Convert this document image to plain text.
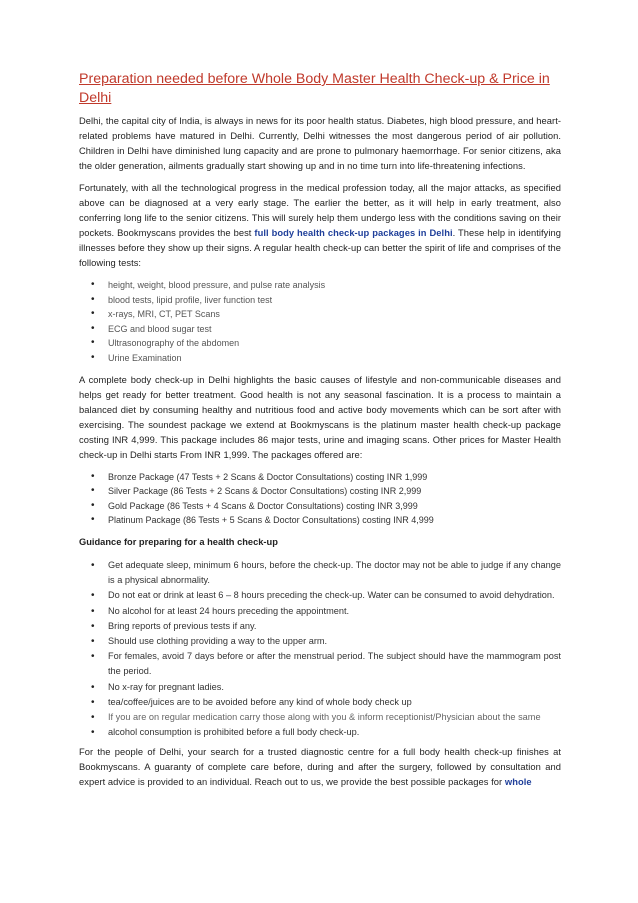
Preparation needed before Whole Body Master Health Check-up & Price in Delhi

Delhi, the capital city of India, is always in news for its poor health status. Diabetes, high blood pressure, and heart-related problems have matured in Delhi. Currently, Delhi witnesses the most dangerous period of air pollution. Children in Delhi have diminished lung capacity and are prone to pulmonary haemorrhage. For senior citizens, aka the older generation, ailments gradually start showing up and in no time turn into life-threatening infections.

Fortunately, with all the technological progress in the medical profession today, all the major attacks, as specified above can be diagnosed at a very early stage. The earlier the better, as it will help in early treatment, also conferring long life to the senior citizens. This will surely help them undergo less with the conditions saving on their pockets. Bookmyscans provides the best full body health check-up packages in Delhi. These help in identifying illnesses before they show up their signs. A regular health check-up can better the spirit of life and comprises of the following tests:

• height, weight, blood pressure, and pulse rate analysis
• blood tests, lipid profile, liver function test
• x-rays, MRI, CT, PET Scans
• ECG and blood sugar test
• Ultrasonography of the abdomen
• Urine Examination

A complete body check-up in Delhi highlights the basic causes of lifestyle and non-communicable diseases and helps get ready for better treatment. Good health is not any seasonal fascination. It is a process to maintain a balanced diet by consuming healthy and nutritious food and active body movements which can be sort after with exercising. The soundest package we extend at Bookmyscans is the platinum master health check-up package costing INR 4,999. This package includes 86 major tests, urine and imaging scans. Other prices for Master Health check-up in Delhi starts From INR 1,999. The packages offered are:

• Bronze Package (47 Tests + 2 Scans & Doctor Consultations) costing INR 1,999
• Silver Package (86 Tests + 2 Scans & Doctor Consultations) costing INR 2,999
• Gold Package (86 Tests + 4 Scans & Doctor Consultations) costing INR 3,999
• Platinum Package (86 Tests + 5 Scans & Doctor Consultations) costing INR 4,999
Guidance for preparing for a health check-up
• Get adequate sleep, minimum 6 hours, before the check-up. The doctor may not be able to judge if any change is a physical abnormality.
• Do not eat or drink at least 6 – 8 hours preceding the check-up. Water can be consumed to avoid dehydration.
• No alcohol for at least 24 hours preceding the appointment.
• Bring reports of previous tests if any.
• Should use clothing providing a way to the upper arm.
• For females, avoid 7 days before or after the menstrual period. The subject should have the mammogram post the period.
• No x-ray for pregnant ladies.
• tea/coffee/juices are to be avoided before any kind of whole body check up
• If you are on regular medication carry those along with you & inform receptionist/Physician about the same
• alcohol consumption is prohibited before a full body check-up.

For the people of Delhi, your search for a trusted diagnostic centre for a full body health check-up finishes at Bookmyscans. A guaranty of complete care before, during and after the surgery, followed by consultation and expert advice is provided to an individual. Reach out to us, we provide the best possible packages for whole
